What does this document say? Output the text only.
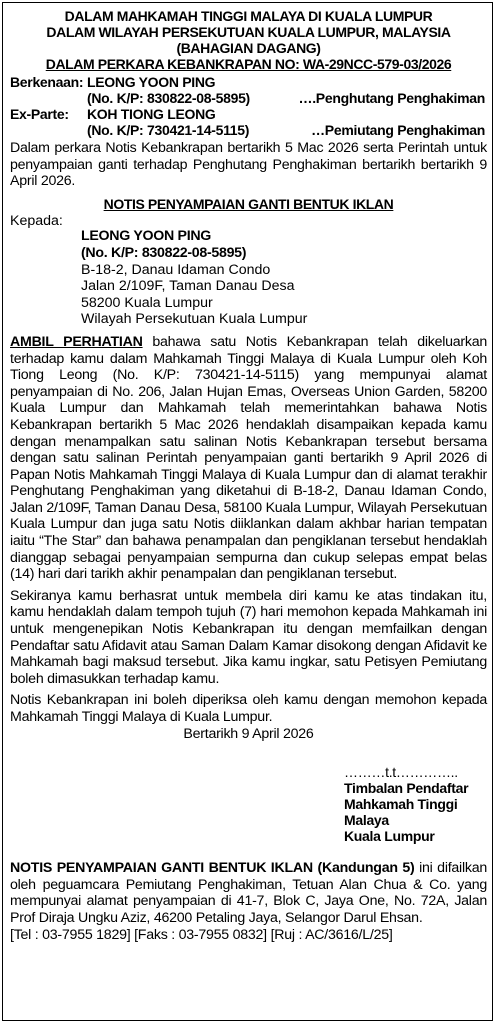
DALAM MAHKAMAH TINGGI MALAYA DI KUALA LUMPUR

DALAM WILAYAH PERSEKUTUAN KUALA LUMPUR, MALAYSIA

(BAHAGIAN DAGANG)

DALAM PERKARA KEBANKRAPAN NO: WA-29NCC-579-03/2026

Berkenaan: LEONG YOON PING
(No. K/P: 830822-08-5895)	….Penghutang Penghakiman
Ex-Parte: KOH TIONG LEONG
(No. K/P: 730421-14-5115)	…Pemiutang Penghakiman

Dalam perkara Notis Kebankrapan bertarikh 5 Mac 2026 serta Perintah untuk penyampaian ganti terhadap Penghutang Penghakiman bertarikh bertarikh 9 April 2026.

NOTIS PENYAMPAIAN GANTI BENTUK IKLAN
Kepada:
LEONG YOON PING
(No. K/P: 830822-08-5895)
B-18-2, Danau Idaman Condo
Jalan 2/109F, Taman Danau Desa
58200 Kuala Lumpur
Wilayah Persekutuan Kuala Lumpur

AMBIL PERHATIAN bahawa satu Notis Kebankrapan telah dikeluarkan terhadap kamu dalam Mahkamah Tinggi Malaya di Kuala Lumpur oleh Koh Tiong Leong (No. K/P: 730421-14-5115) yang mempunyai alamat penyampaian di No. 206, Jalan Hujan Emas, Overseas Union Garden, 58200 Kuala Lumpur dan Mahkamah telah memerintahkan bahawa Notis Kebankrapan bertarikh 5 Mac 2026 hendaklah disampaikan kepada kamu dengan menampalkan satu salinan Notis Kebankrapan tersebut bersama dengan satu salinan Perintah penyampaian ganti bertarikh 9 April 2026 di Papan Notis Mahkamah Tinggi Malaya di Kuala Lumpur dan di alamat terakhir Penghutang Penghakiman yang diketahui di B-18-2, Danau Idaman Condo, Jalan 2/109F, Taman Danau Desa, 58100 Kuala Lumpur, Wilayah Persekutuan Kuala Lumpur dan juga satu Notis diiklankan dalam akhbar harian tempatan iaitu “The Star” dan bahawa penampalan dan pengiklanan tersebut hendaklah dianggap sebagai penyampaian sempurna dan cukup selepas empat belas (14) hari dari tarikh akhir penampalan dan pengiklanan tersebut.

Sekiranya kamu berhasrat untuk membela diri kamu ke atas tindakan itu, kamu hendaklah dalam tempoh tujuh (7) hari memohon kepada Mahkamah ini untuk mengenepikan Notis Kebankrapan itu dengan memfailkan dengan Pendaftar satu Afidavit atau Saman Dalam Kamar disokong dengan Afidavit ke Mahkamah bagi maksud tersebut. Jika kamu ingkar, satu Petisyen Pemiutang boleh dimasukkan terhadap kamu.

Notis Kebankrapan ini boleh diperiksa oleh kamu dengan memohon kepada Mahkamah Tinggi Malaya di Kuala Lumpur.

Bertarikh 9 April 2026
………t.t…………..
Timbalan Pendaftar
Mahkamah Tinggi
Malaya
Kuala Lumpur

NOTIS PENYAMPAIAN GANTI BENTUK IKLAN (Kandungan 5) ini difailkan oleh peguamcara Pemiutang Penghakiman, Tetuan Alan Chua & Co. yang mempunyai alamat penyampaian di 41-7, Blok C, Jaya One, No. 72A, Jalan Prof Diraja Ungku Aziz, 46200 Petaling Jaya, Selangor Darul Ehsan.

[Tel : 03-7955 1829] [Faks : 03-7955 0832] [Ruj : AC/3616/L/25]
